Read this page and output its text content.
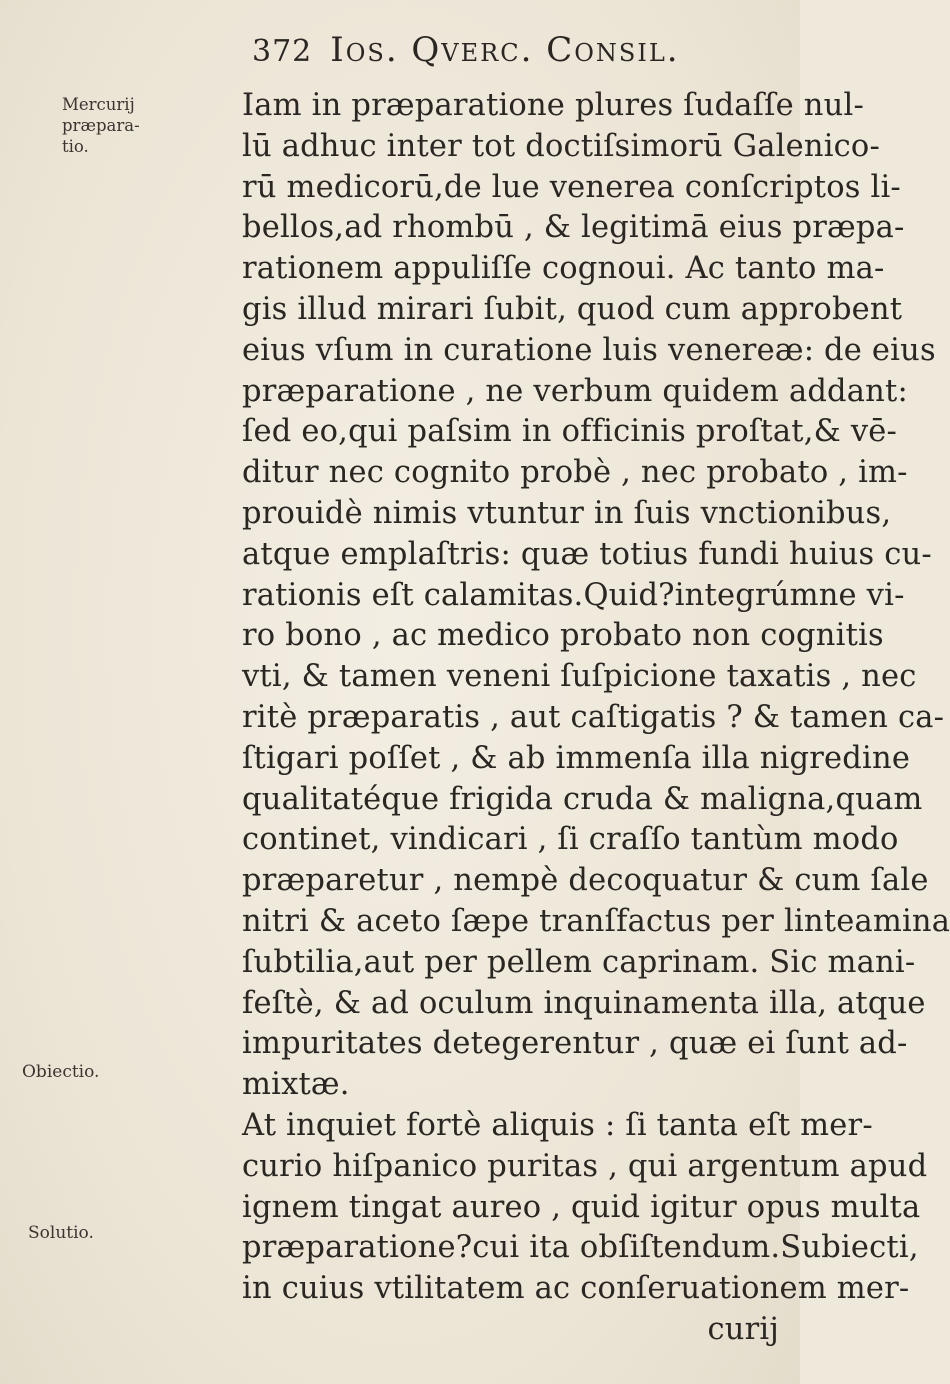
372 Ios. Qverc. Consil.
Mercurij
præpara-
tio.
Obiectio.
Solutio.
Iam in præparatione plures ſudaſſe nul-
lū adhuc inter tot doctiſsimorū Galenico-
rū medicorū,de lue venerea conſcriptos li-
bellos,ad rhombū , & legitimā eius præpa-
rationem appuliſſe cognoui. Ac tanto ma-
gis illud mirari ſubit, quod cum approbent
eius vſum in curatione luis venereæ: de eius
præparatione , ne verbum quidem addant:
ſed eo,qui paſsim in officinis proſtat,& vē-
ditur nec cognito probè , nec probato , im-
prouidè nimis vtuntur in ſuis vnctionibus,
atque emplaſtris: quæ totius fundi huius cu-
rationis eſt calamitas.Quid?integrúmne vi-
ro bono , ac medico probato non cognitis
vti, & tamen veneni ſuſpicione taxatis , nec
ritè præparatis , aut caſtigatis ? & tamen ca-
ſtigari poſſet , & ab immenſa illa nigredine
qualitatéque frigida cruda & maligna,quam
continet, vindicari , ſi craſſo tantùm modo
præparetur , nempè decoquatur & cum ſale
nitri & aceto ſæpe tranſfactus per linteamina
ſubtilia,aut per pellem caprinam. Sic mani-
feſtè, & ad oculum inquinamenta illa, atque
impuritates detegerentur , quæ ei ſunt ad-
mixtæ.
At inquiet fortè aliquis : ſi tanta eſt mer-
curio hiſpanico puritas , qui argentum apud
ignem tingat aureo , quid igitur opus multa
præparatione?cui ita obſiſtendum.Subiecti,
in cuius vtilitatem ac conſeruationem mer-
curij
